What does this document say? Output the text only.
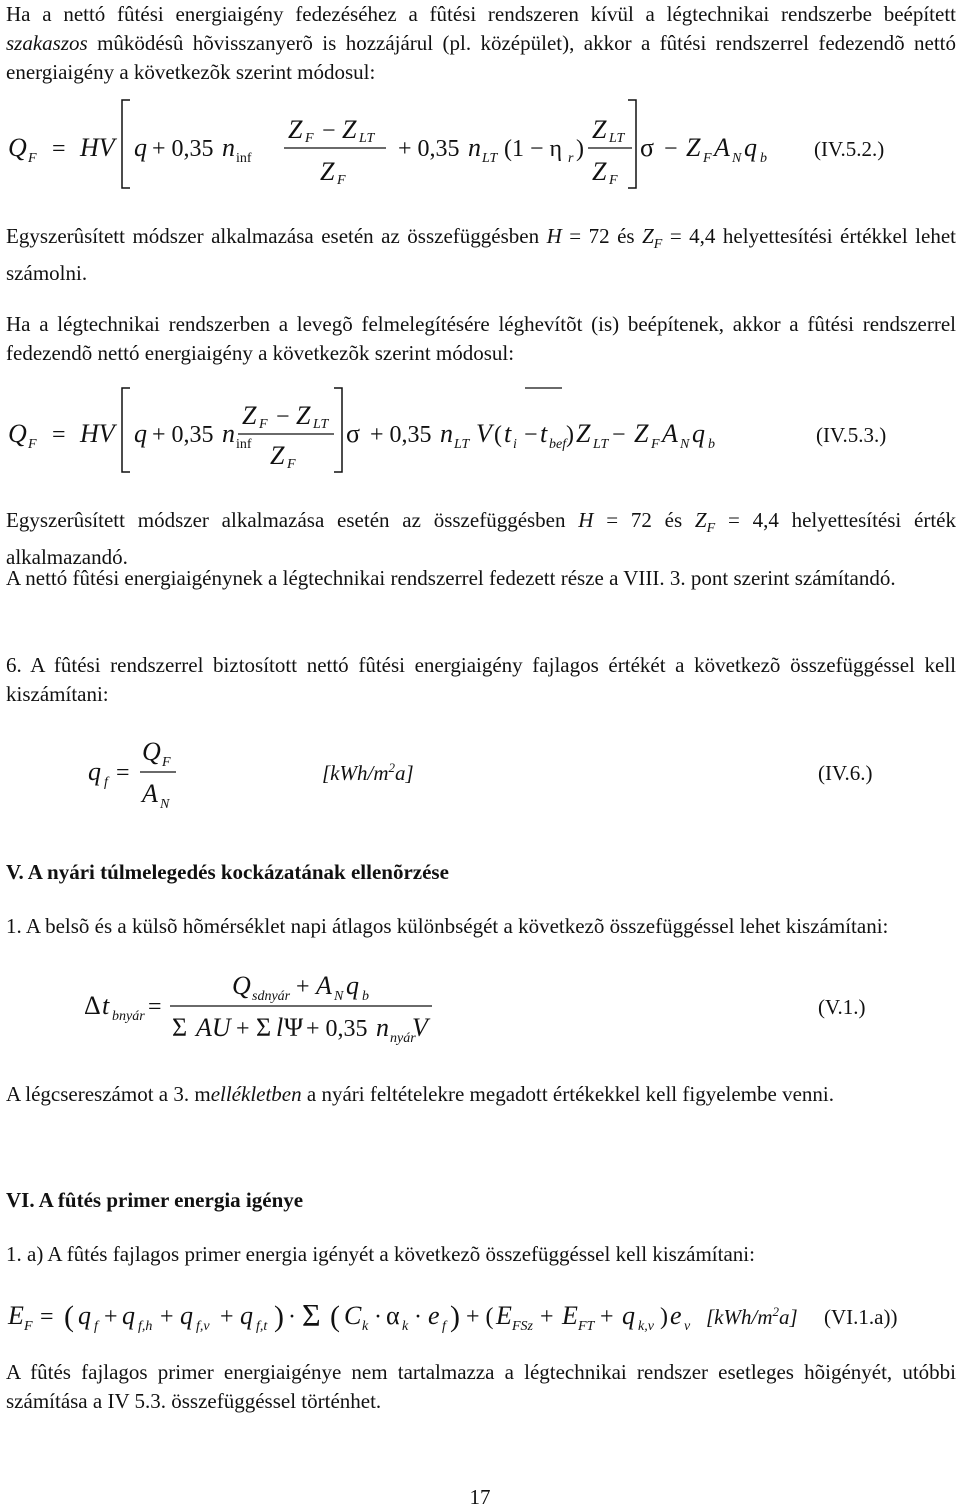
Ha a nettó fûtési energiaigény fedezéséhez a fûtési rendszeren kívül a légtechnikai rendszerbe beépített szakaszos mûködésû hõvisszanyerõ is hozzájárul (pl. középület), akkor a fûtési rendszerrel fedezendõ nettó energiaigény a következõk szerint módosul:
Q F = HV q + 0,35 n inf
Z F − Z LT
Z F
+ 0,35 n LT (1 − η r )
Z LT
Z F
σ − Z F A N q b (IV.5.2.)
Egyszerûsített módszer alkalmazása esetén az összefüggésben H = 72 és $Z_F = 4,4$ helyettesítési értékkel lehet számolni.
Ha a légtechnikai rendszerben a levegõ felmelegítésére léghevítõt (is) beépítenek, akkor a fûtési rendszerrel fedezendõ nettó energiaigény a következõk szerint módosul:
Q F = HV q + 0,35 n inf
Z F − Z LT
Z F
σ + 0,35 n LT V ( t i − t bef ) Z LT − Z F A N q b	(IV.5.3.)
Egyszerûsített módszer alkalmazása esetén az összefüggésben H = 72 és $Z_F = 4,4$ helyettesítési érték alkalmazandó.
A nettó fûtési energiaigénynek a légtechnikai rendszerrel fedezett része a VIII. 3. pont szerint számítandó.
6. A fûtési rendszerrel biztosított nettó fûtési energiaigény fajlagos értékét a következõ összefüggéssel kell kiszámítani:
q f =
Q F
A N
$[kWh/m^2a]$	(IV.6.)
V. A nyári túlmelegedés kockázatának ellenõrzése
1. A belsõ és a külsõ hõmérséklet napi átlagos különbségét a következõ összefüggéssel lehet kiszámítani:
Δ t bnyár =
Q sdnyár + A N q b
Σ AU + Σ l Ψ + 0,35 n nyár
V
(V.1.)
A légcsereszámot a 3. mellékletben a nyári feltételekre megadott értékekkel kell figyelembe venni.
VI. A fûtés primer energia igénye
1. a) A fûtés fajlagos primer energia igényét a következõ összefüggéssel kell kiszámítani:
E F = ( q f + q f,h + q f,v + q f,t ) · Σ ( C k · α k · e f ) + ( E FSz + E FT + q k,v ) e v $[kWh/m^2a]$ (VI.1.a))
A fûtés fajlagos primer energiaigénye nem tartalmazza a légtechnikai rendszer esetleges hõigényét, utóbbi számítása a IV 5.3. összefüggéssel történhet.
17
